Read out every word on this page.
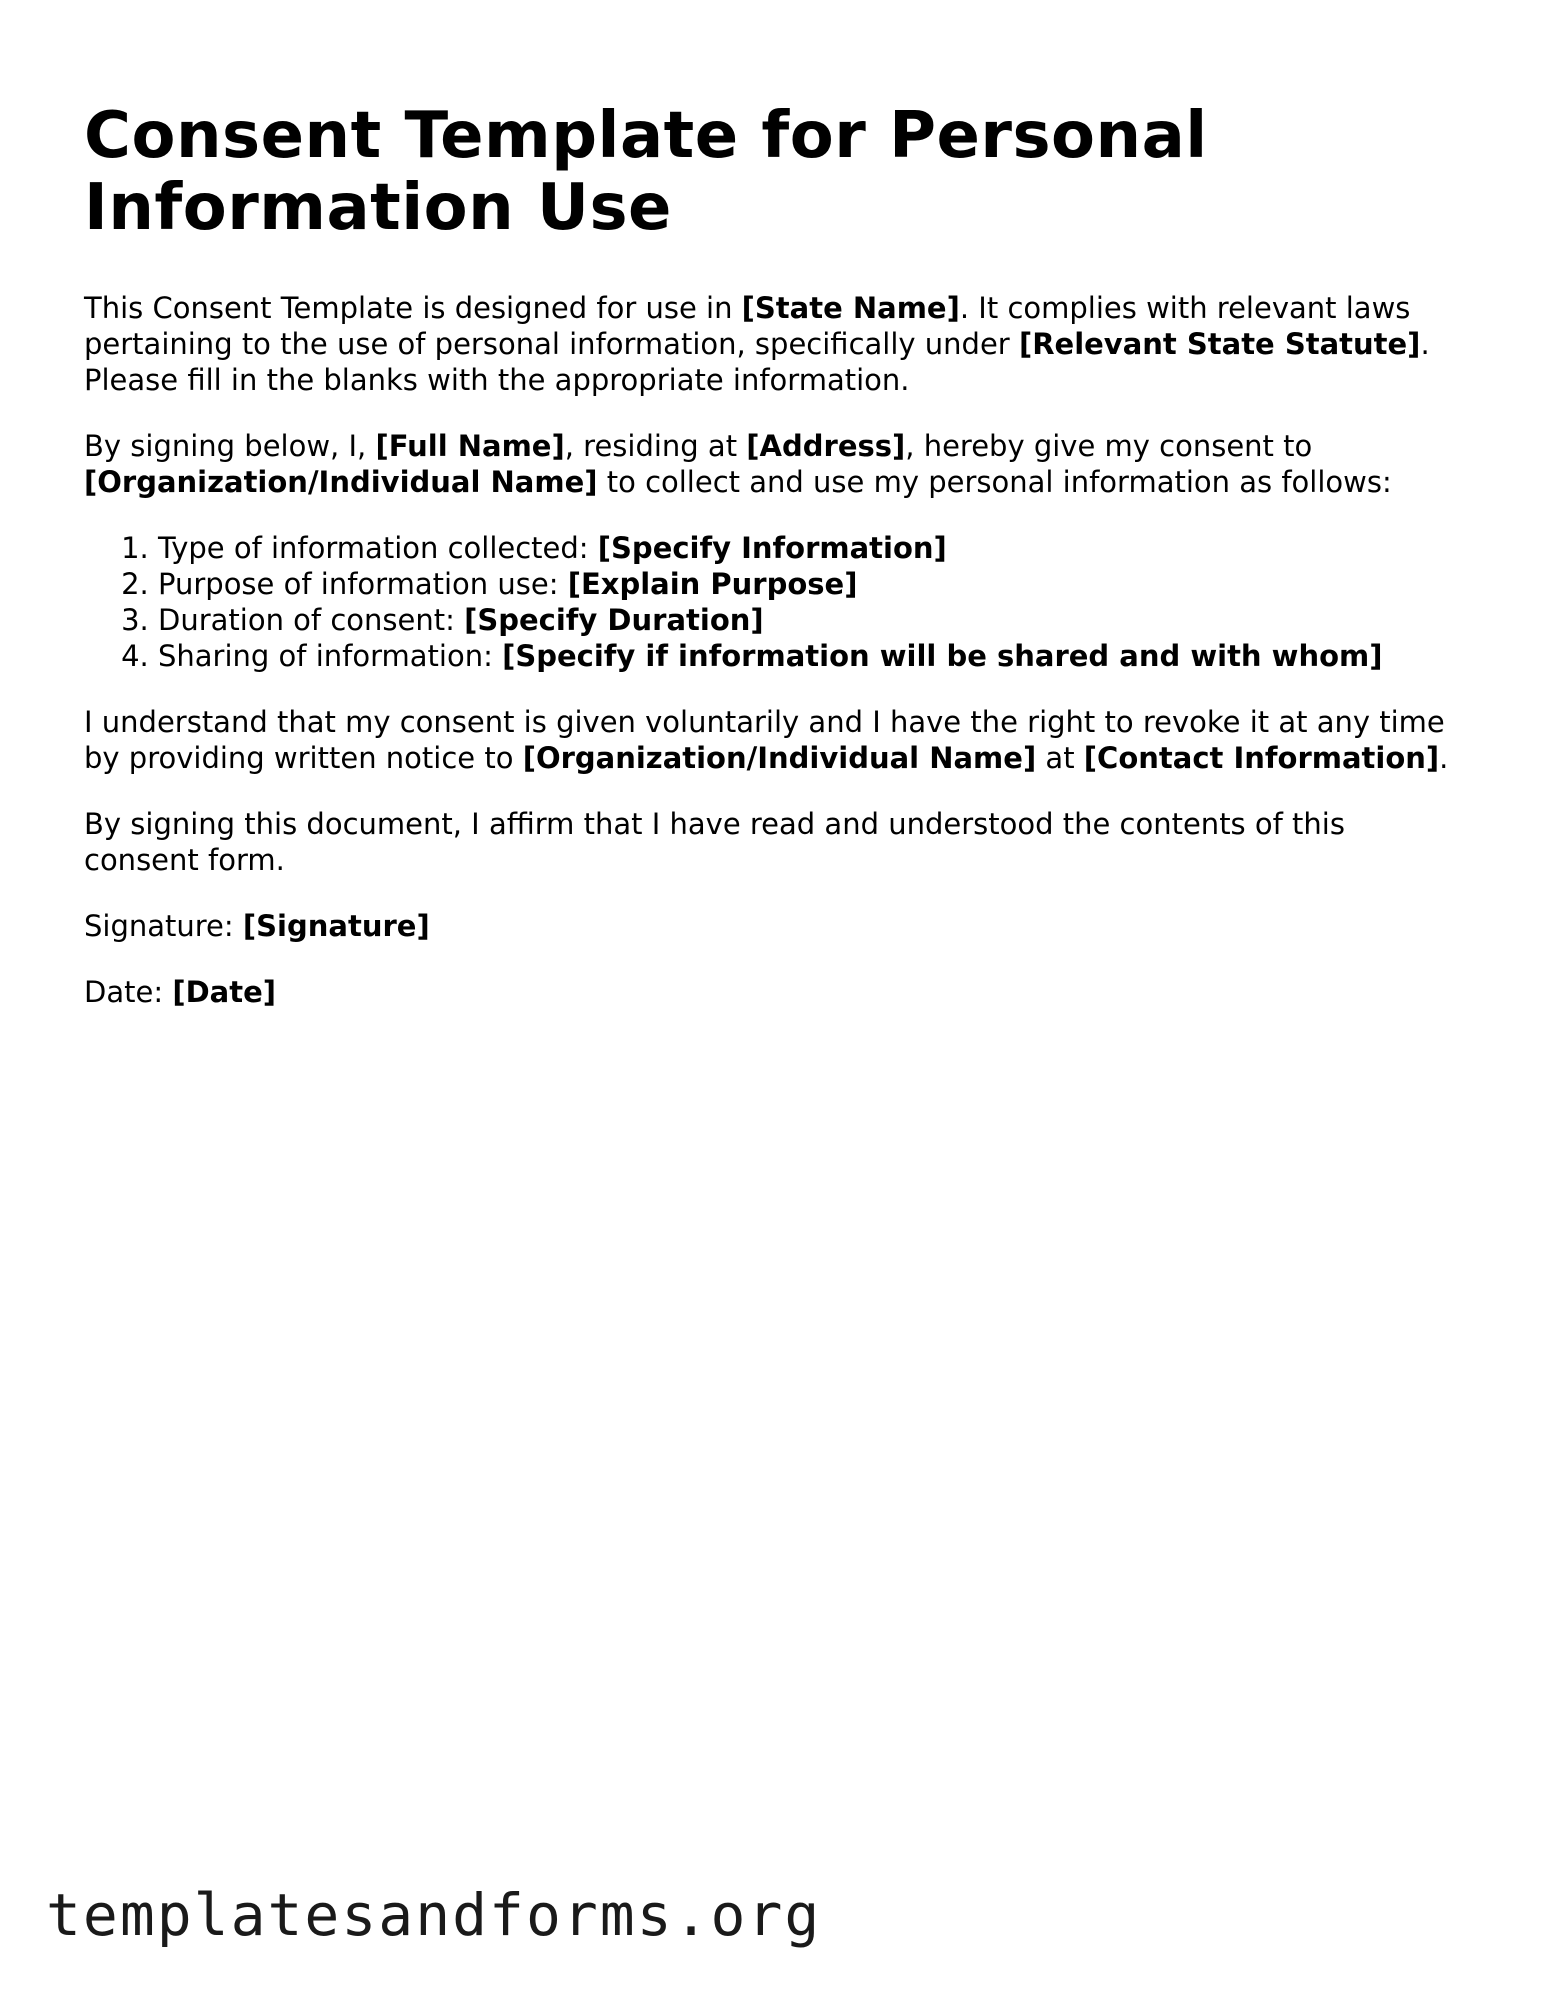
Consent Template for Personal Information Use

This Consent Template is designed for use in [State Name]. It complies with relevant laws pertaining to the use of personal information, specifically under [Relevant State Statute]. Please fill in the blanks with the appropriate information.

By signing below, I, [Full Name], residing at [Address], hereby give my consent to [Organization/Individual Name] to collect and use my personal information as follows:

1. Type of information collected: [Specify Information]
2. Purpose of information use: [Explain Purpose]
3. Duration of consent: [Specify Duration]
4. Sharing of information: [Specify if information will be shared and with whom]

I understand that my consent is given voluntarily and I have the right to revoke it at any time by providing written notice to [Organization/Individual Name] at [Contact Information].

By signing this document, I affirm that I have read and understood the contents of this consent form.

Signature: [Signature]

Date: [Date]

templatesandforms.org
